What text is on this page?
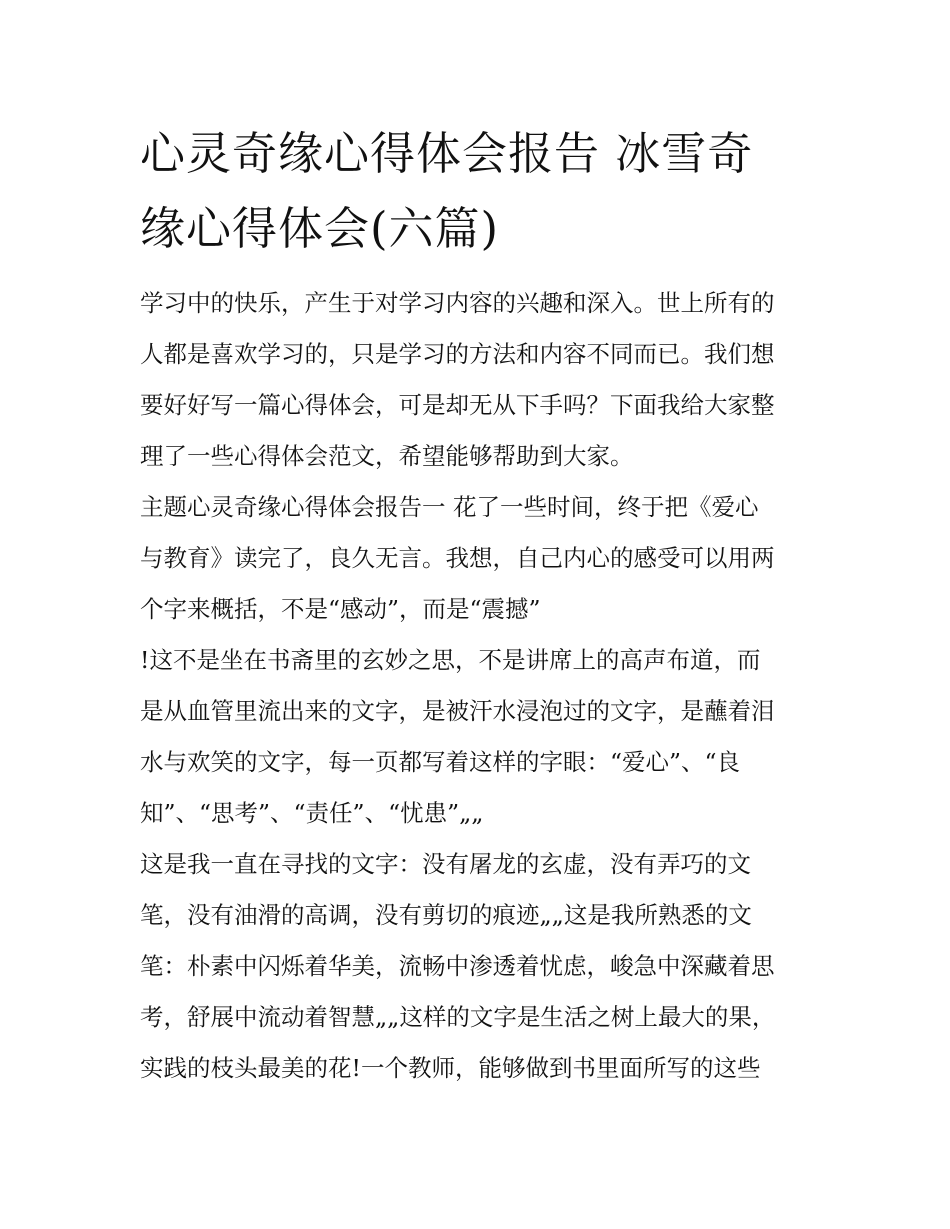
心灵奇缘心得体会报告 冰雪奇
缘心得体会(六篇)
学习中的快乐，产生于对学习内容的兴趣和深入。世上所有的
人都是喜欢学习的，只是学习的方法和内容不同而已。我们想
要好好写一篇心得体会，可是却无从下手吗？下面我给大家整
理了一些心得体会范文，希望能够帮助到大家。
主题心灵奇缘心得体会报告一 花了一些时间，终于把《爱心
与教育》读完了，良久无言。我想，自己内心的感受可以用两
个字来概括，不是“感动”，而是“震撼”
!这不是坐在书斋里的玄妙之思，不是讲席上的高声布道，而
是从血管里流出来的文字，是被汗水浸泡过的文字，是蘸着泪
水与欢笑的文字，每一页都写着这样的字眼：“爱心”、“良
知”、“思考”、“责任”、“忧患”„„
这是我一直在寻找的文字：没有屠龙的玄虚，没有弄巧的文
笔，没有油滑的高调，没有剪切的痕迹„„这是我所熟悉的文
笔：朴素中闪烁着华美，流畅中渗透着忧虑，峻急中深藏着思
考，舒展中流动着智慧„„这样的文字是生活之树上最大的果，
实践的枝头最美的花!一个教师，能够做到书里面所写的这些
